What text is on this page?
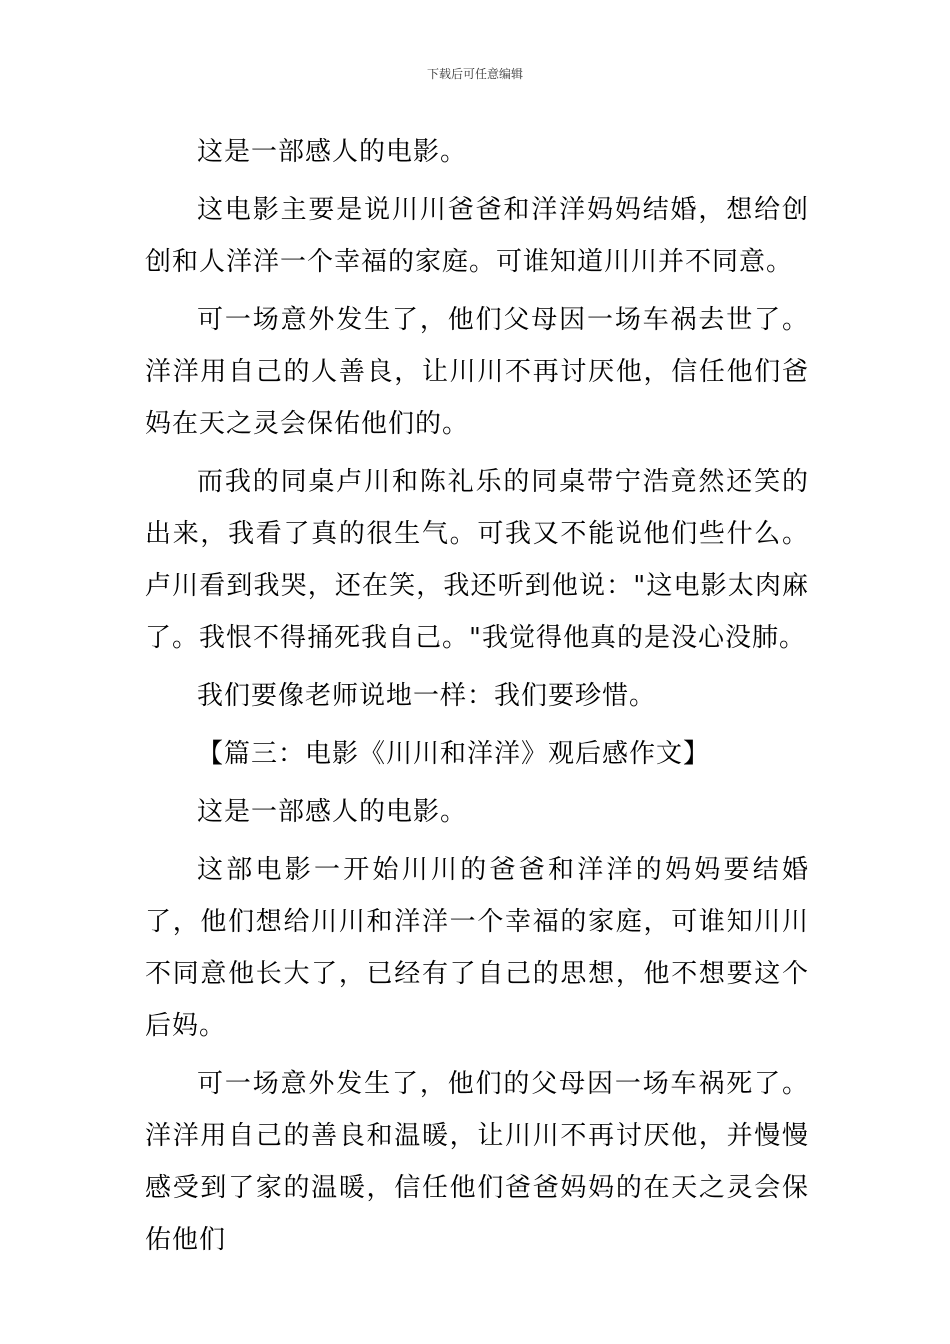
下载后可任意编辑

这是一部感人的电影。

这电影主要是说川川爸爸和洋洋妈妈结婚，想给创创和人洋洋一个幸福的家庭。可谁知道川川并不同意。

可一场意外发生了，他们父母因一场车祸去世了。洋洋用自己的人善良，让川川不再讨厌他，信任他们爸妈在天之灵会保佑他们的。

而我的同桌卢川和陈礼乐的同桌带宁浩竟然还笑的出来，我看了真的很生气。可我又不能说他们些什么。卢川看到我哭，还在笑，我还听到他说："这电影太肉麻了。我恨不得捅死我自己。"我觉得他真的是没心没肺。

我们要像老师说地一样：我们要珍惜。

【篇三：电影《川川和洋洋》观后感作文】

这是一部感人的电影。

这部电影一开始川川的爸爸和洋洋的妈妈要结婚了，他们想给川川和洋洋一个幸福的家庭，可谁知川川不同意他长大了，已经有了自己的思想，他不想要这个后妈。

可一场意外发生了，他们的父母因一场车祸死了。洋洋用自己的善良和温暖，让川川不再讨厌他，并慢慢感受到了家的温暖，信任他们爸爸妈妈的在天之灵会保佑他们
